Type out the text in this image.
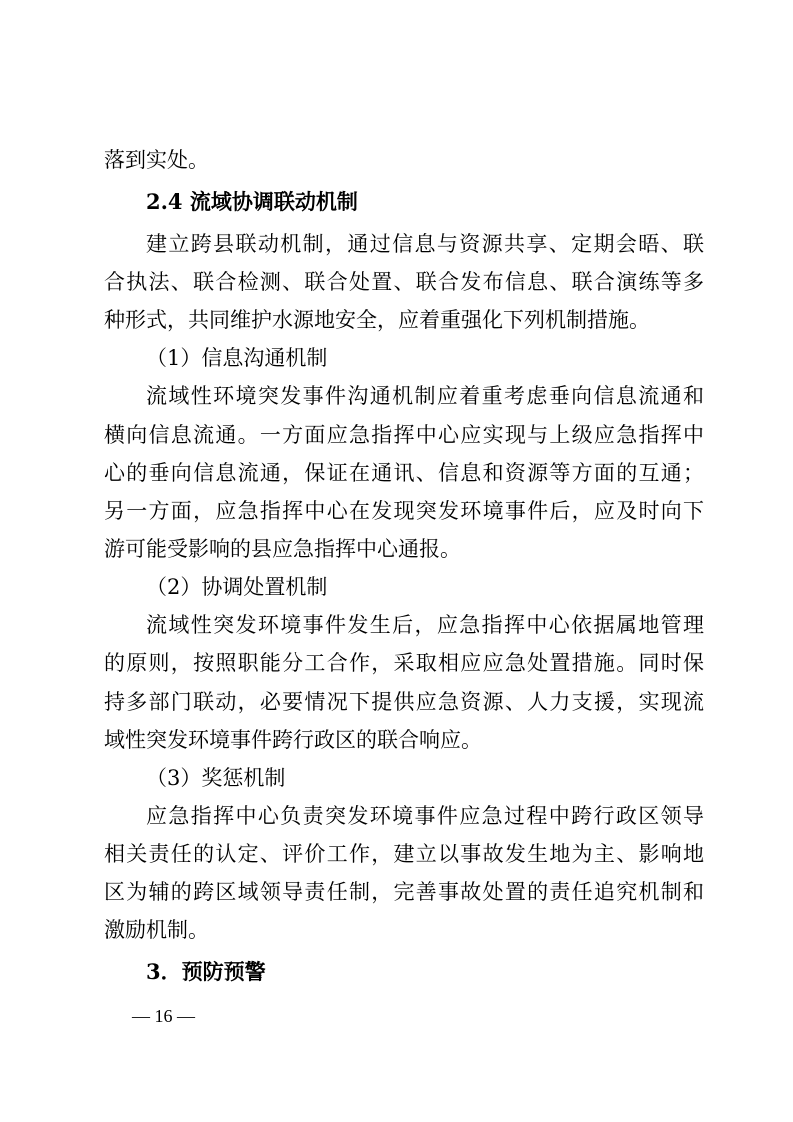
落到实处。
2.4 流域协调联动机制
建立跨县联动机制，通过信息与资源共享、定期会晤、联
合执法、联合检测、联合处置、联合发布信息、联合演练等多
种形式，共同维护水源地安全，应着重强化下列机制措施。
（1）信息沟通机制
流域性环境突发事件沟通机制应着重考虑垂向信息流通和
横向信息流通。一方面应急指挥中心应实现与上级应急指挥中
心的垂向信息流通，保证在通讯、信息和资源等方面的互通；
另一方面，应急指挥中心在发现突发环境事件后，应及时向下
游可能受影响的县应急指挥中心通报。
（2）协调处置机制
流域性突发环境事件发生后，应急指挥中心依据属地管理
的原则，按照职能分工合作，采取相应应急处置措施。同时保
持多部门联动，必要情况下提供应急资源、人力支援，实现流
域性突发环境事件跨行政区的联合响应。
（3）奖惩机制
应急指挥中心负责突发环境事件应急过程中跨行政区领导
相关责任的认定、评价工作，建立以事故发生地为主、影响地
区为辅的跨区域领导责任制，完善事故处置的责任追究机制和
激励机制。
3．预防预警
— 16 —
